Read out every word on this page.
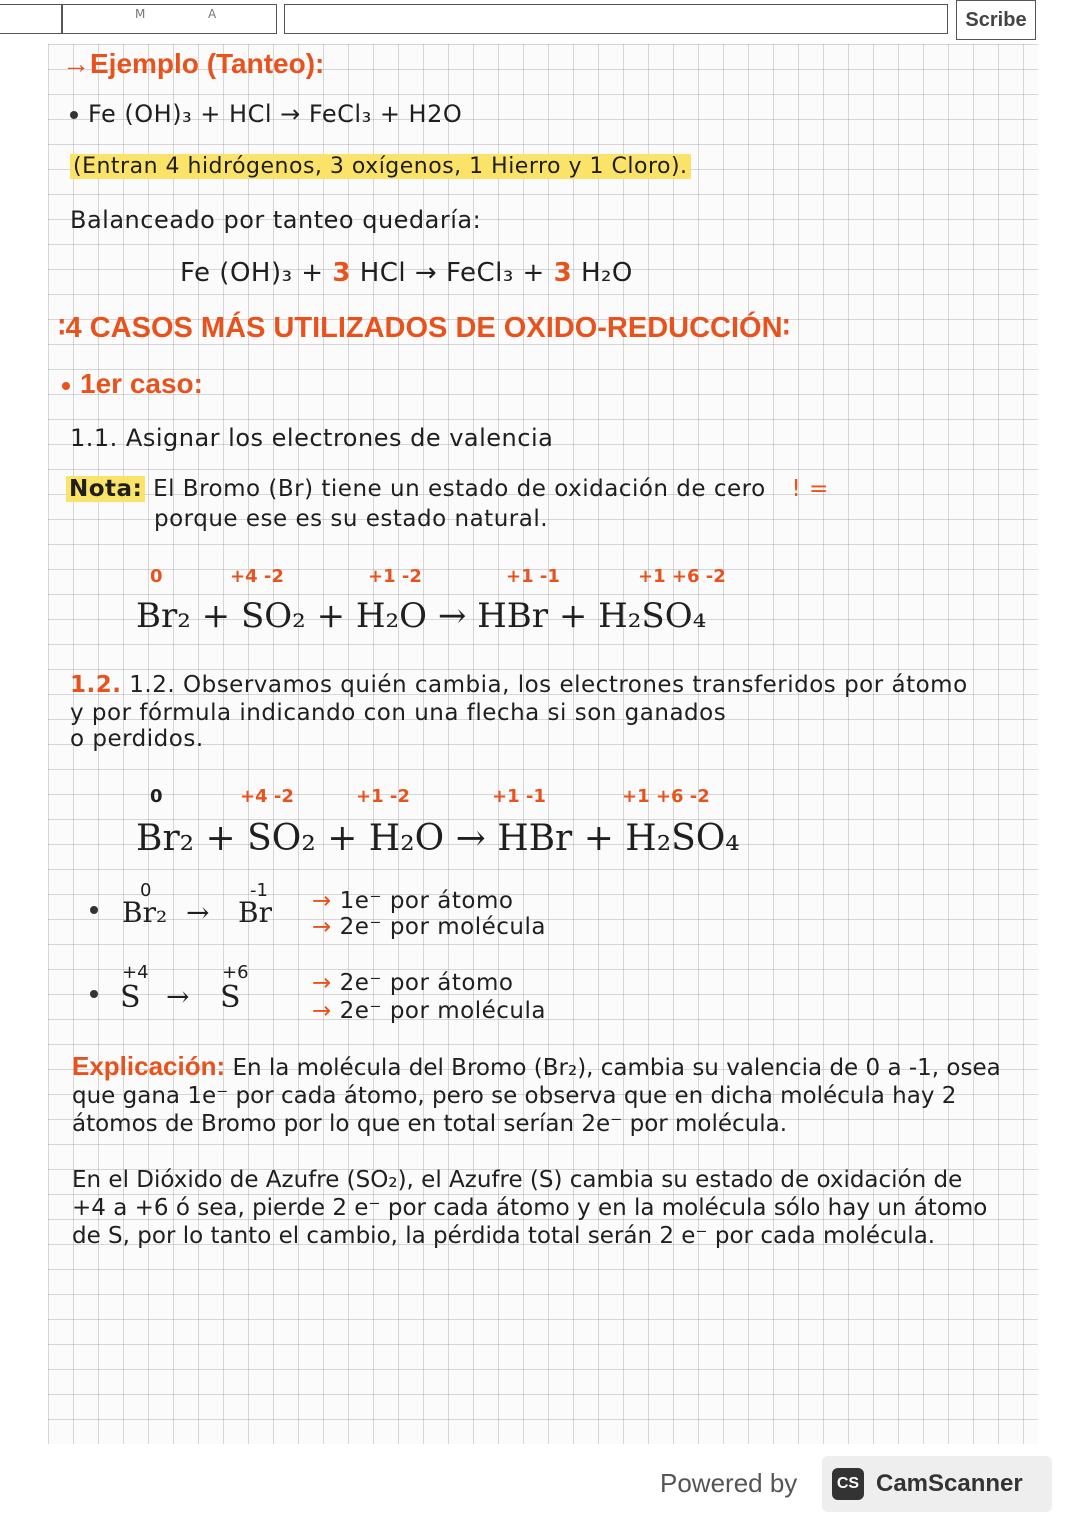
M	A	Scribe
→Ejemplo (Tanteo):
Fe (OH)₃ + HCl → FeCl₃ + H2O
(Entran 4 hidrógenos, 3 oxígenos, 1 Hierro y 1 Cloro).
Balanceado por tanteo quedaría:
Fe (OH)₃ + 3 HCl → FeCl₃ + 3 H₂O
∶4 CASOS MÁS UTILIZADOS DE OXIDO-REDUCCIÓN∶
1er caso:
1.1. Asignar los electrones de valencia
Nota: El Bromo (Br) tiene un estado de oxidación de cero ! =
porque ese es su estado natural.
0	+4 -2	+1 -2	+1 -1	+1 +6 -2
Br₂ + SO₂ + H₂O → HBr + H₂SO₄
1.2. 1.2. Observamos quién cambia, los electrones transferidos por átomo
y por fórmula indicando con una flecha si son ganados
o perdidos.
0	+4 -2	+1 -2	+1 -1	+1 +6 -2
Br₂ + SO₂ + H₂O → HBr + H₂SO₄
0
Br₂ →
-1
Br → 1e⁻ por átomo
→ 2e⁻ por molécula
+4
S →
+6
S	→ 2e⁻ por átomo
→ 2e⁻ por molécula
Explicación: En la molécula del Bromo (Br₂), cambia su valencia de 0 a -1, osea que gana 1e⁻ por cada átomo, pero se observa que en dicha molécula hay 2 átomos de Bromo por lo que en total serían 2e⁻ por molécula.
En el Dióxido de Azufre (SO₂), el Azufre (S) cambia su estado de oxidación de +4 a +6 ó sea, pierde 2 e⁻ por cada átomo y en la molécula sólo hay un átomo de S, por lo tanto el cambio, la pérdida total serán 2 e⁻ por cada molécula.
Powered by	CS CamScanner
